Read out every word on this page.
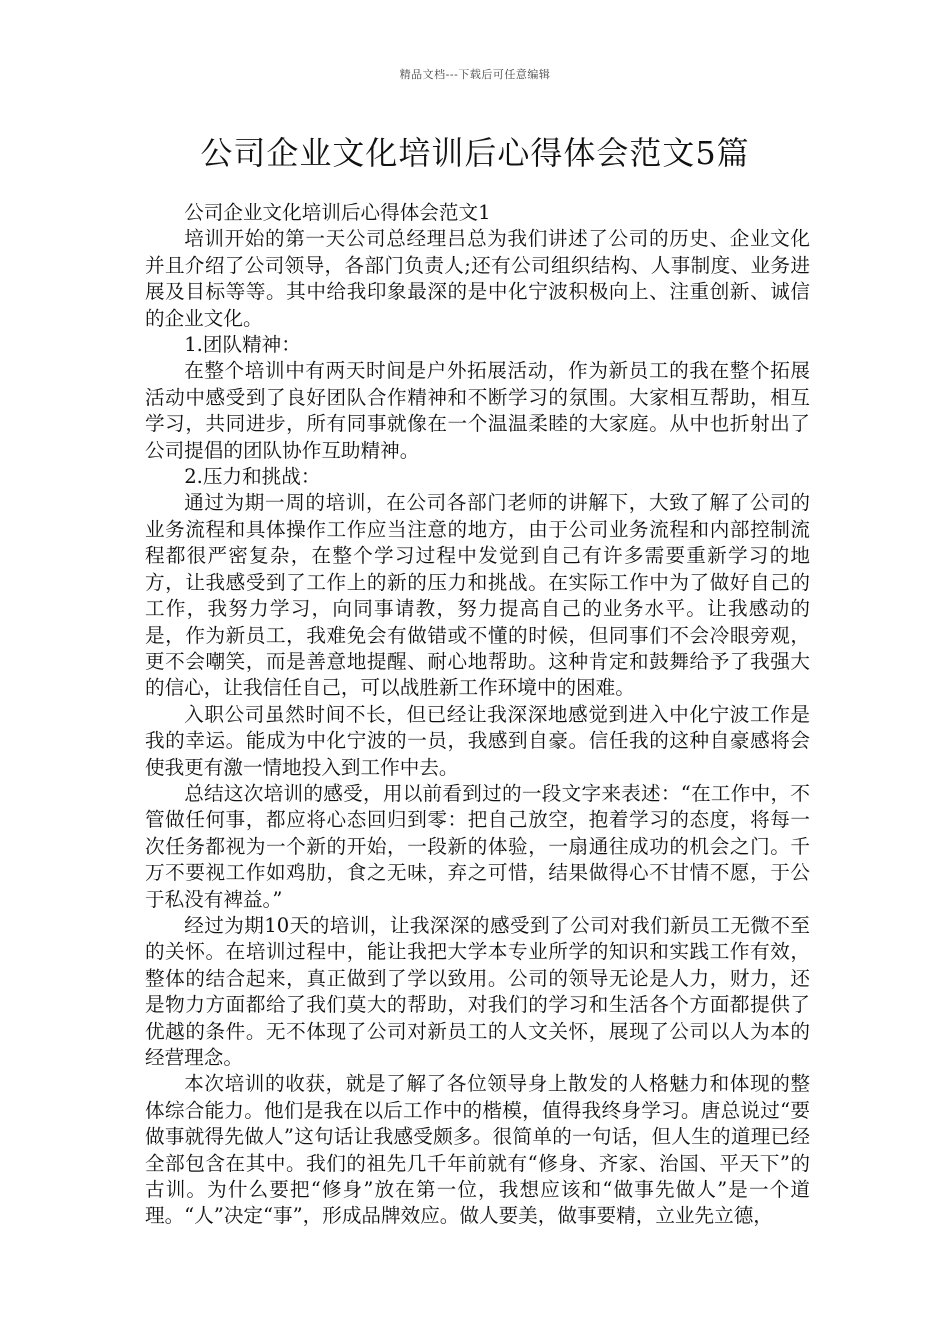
精品文档---下载后可任意编辑
公司企业文化培训后心得体会范文5篇

公司企业文化培训后心得体会范文1

培训开始的第一天公司总经理吕总为我们讲述了公司的历史、企业文化并且介绍了公司领导，各部门负责人;还有公司组织结构、人事制度、业务进展及目标等等。其中给我印象最深的是中化宁波积极向上、注重创新、诚信的企业文化。

1.团队精神：

在整个培训中有两天时间是户外拓展活动，作为新员工的我在整个拓展活动中感受到了良好团队合作精神和不断学习的氛围。大家相互帮助，相互学习，共同进步，所有同事就像在一个温温柔睦的大家庭。从中也折射出了公司提倡的团队协作互助精神。

2.压力和挑战：

通过为期一周的培训，在公司各部门老师的讲解下，大致了解了公司的业务流程和具体操作工作应当注意的地方，由于公司业务流程和内部控制流程都很严密复杂，在整个学习过程中发觉到自己有许多需要重新学习的地方，让我感受到了工作上的新的压力和挑战。在实际工作中为了做好自己的工作，我努力学习，向同事请教，努力提高自己的业务水平。让我感动的是，作为新员工，我难免会有做错或不懂的时候，但同事们不会冷眼旁观，更不会嘲笑，而是善意地提醒、耐心地帮助。这种肯定和鼓舞给予了我强大的信心，让我信任自己，可以战胜新工作环境中的困难。

入职公司虽然时间不长，但已经让我深深地感觉到进入中化宁波工作是我的幸运。能成为中化宁波的一员，我感到自豪。信任我的这种自豪感将会使我更有激一情地投入到工作中去。

总结这次培训的感受，用以前看到过的一段文字来表述：“在工作中，不管做任何事，都应将心态回归到零：把自己放空，抱着学习的态度，将每一次任务都视为一个新的开始，一段新的体验，一扇通往成功的机会之门。千万不要视工作如鸡肋，食之无味，弃之可惜，结果做得心不甘情不愿，于公于私没有裨益。”

经过为期10天的培训，让我深深的感受到了公司对我们新员工无微不至的关怀。在培训过程中，能让我把大学本专业所学的知识和实践工作有效，整体的结合起来，真正做到了学以致用。公司的领导无论是人力，财力，还是物力方面都给了我们莫大的帮助，对我们的学习和生活各个方面都提供了优越的条件。无不体现了公司对新员工的人文关怀，展现了公司以人为本的经营理念。

本次培训的收获，就是了解了各位领导身上散发的人格魅力和体现的整体综合能力。他们是我在以后工作中的楷模，值得我终身学习。唐总说过“要做事就得先做人”这句话让我感受颇多。很简单的一句话，但人生的道理已经全部包含在其中。我们的祖先几千年前就有“修身、齐家、治国、平天下”的古训。为什么要把“修身”放在第一位，我想应该和“做事先做人”是一个道理。“人”决定“事”，形成品牌效应。做人要美，做事要精，立业先立德，
